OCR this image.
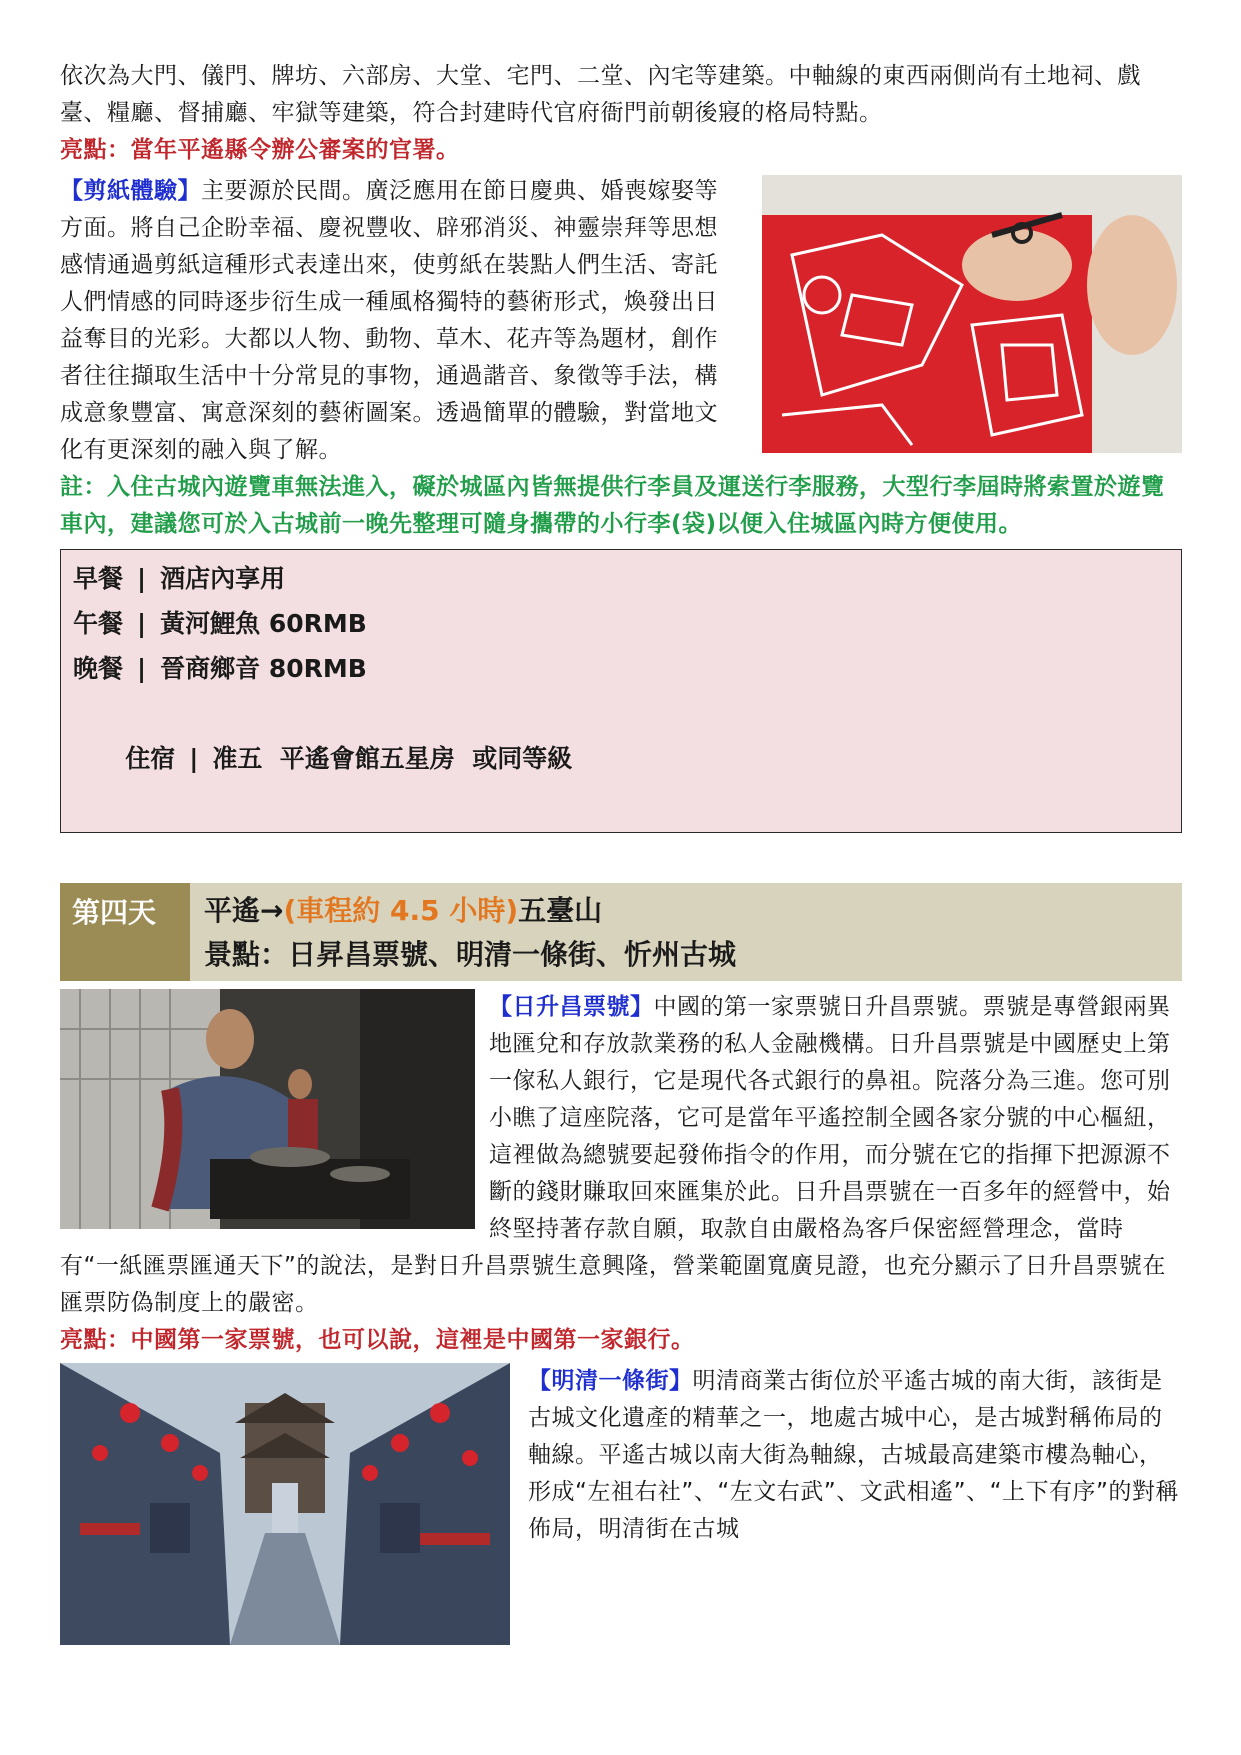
依次為大門、儀門、牌坊、六部房、大堂、宅門、二堂、內宅等建築。中軸線的東西兩側尚有土地祠、戲臺、糧廳、督捕廳、牢獄等建築，符合封建時代官府衙門前朝後寢的格局特點。
亮點：當年平遙縣令辦公審案的官署。
【剪紙體驗】主要源於民間。廣泛應用在節日慶典、婚喪嫁娶等方面。將自己企盼幸福、慶祝豐收、辟邪消災、神靈崇拜等思想感情通過剪紙這種形式表達出來，使剪紙在裝點人們生活、寄託人們情感的同時逐步衍生成一種風格獨特的藝術形式，煥發出日益奪目的光彩。大都以人物、動物、草木、花卉等為題材，創作者往往擷取生活中十分常見的事物，通過諧音、象徵等手法，構成意象豐富、寓意深刻的藝術圖案。透過簡單的體驗，對當地文化有更深刻的融入與了解。
註：入住古城內遊覽車無法進入，礙於城區內皆無提供行李員及運送行李服務，大型行李屆時將索置於遊覽車內，建議您可於入古城前一晚先整理可隨身攜帶的小行李(袋)以便入住城區內時方便使用。
早餐 | 酒店內享用
午餐 | 黃河鯉魚 60RMB
晚餐 | 晉商鄉音 80RMB

住宿 | 准五  平遙會館五星房  或同等級

第四天	平遙→(車程約 4.5 小時)五臺山
景點：日昇昌票號、明清一條街、忻州古城
【日升昌票號】中國的第一家票號日升昌票號。票號是專營銀兩異地匯兌和存放款業務的私人金融機構。日升昌票號是中國歷史上第一傢私人銀行，它是現代各式銀行的鼻祖。院落分為三進。您可別小瞧了這座院落，它可是當年平遙控制全國各家分號的中心樞紐，這裡做為總號要起發佈指令的作用，而分號在它的指揮下把源源不斷的錢財賺取回來匯集於此。日升昌票號在一百多年的經營中，始終堅持著存款自願，取款自由嚴格為客戶保密經營理念，當時有“一紙匯票匯通天下”的說法，是對日升昌票號生意興隆，營業範圍寬廣見證，也充分顯示了日升昌票號在匯票防偽制度上的嚴密。
亮點：中國第一家票號，也可以說，這裡是中國第一家銀行。
【明清一條街】明清商業古街位於平遙古城的南大街，該街是古城文化遺產的精華之一，地處古城中心，是古城對稱佈局的軸線。平遙古城以南大街為軸線，古城最高建築市樓為軸心，形成“左祖右社”、“左文右武”、文武相遙”、“上下有序”的對稱佈局，明清街在古城
